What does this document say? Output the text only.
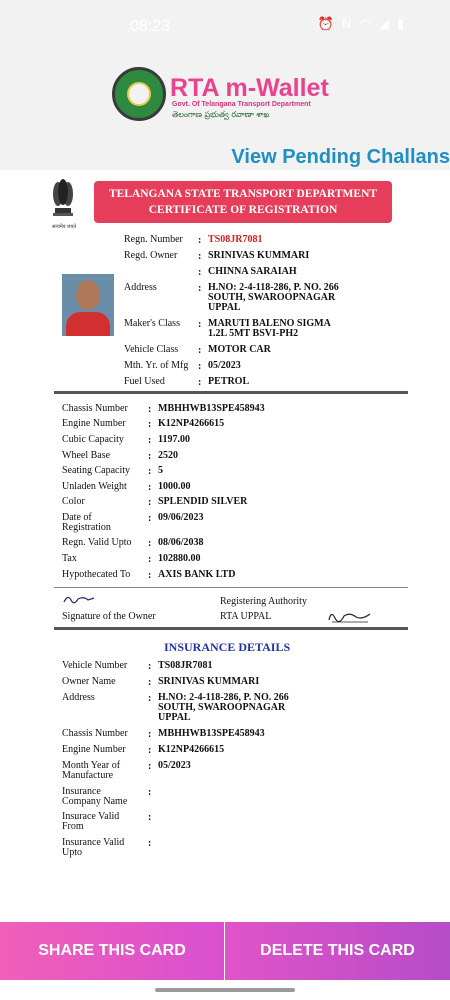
08:23	⏰N◠◢▮
RTA m-Wallet
Govt. Of Telangana Transport Department
తెలంగాణ ప్రభుత్వ రవాణా శాఖ
View Pending Challans
सत्यमेव जयते
TELANGANA STATE TRANSPORT DEPARTMENT
CERTIFICATE OF REGISTRATION
Regn. Number : TS08JR7081
Regd. Owner : SRINIVAS KUMMARI
: CHINNA SARAIAH
Address	: H.NO: 2-4-118-286, P. NO. 266
SOUTH, SWAROOPNAGAR
UPPAL
Maker's Class : MARUTI BALENO SIGMA
1.2L 5MT BSVI-PH2
Vehicle Class : MOTOR CAR
Mth. Yr. of Mfg : 05/2023
Fuel Used	: PETROL
Chassis Number : MBHHWB13SPE458943
Engine Number : K12NP4266615
Cubic Capacity : 1197.00
Wheel Base	: 2520
Seating Capacity : 5
Unladen Weight : 1000.00
Color	: SPLENDID SILVER
Date of
Registration
: 09/06/2023
Regn. Valid Upto : 08/06/2038
Tax	: 102880.00
Hypothecated To : AXIS BANK LTD
Signature of the Owner
Registering Authority
RTA UPPAL
INSURANCE DETAILS
Vehicle Number : TS08JR7081
Owner Name	: SRINIVAS KUMMARI
Address	: H.NO: 2-4-118-286, P. NO. 266
SOUTH, SWAROOPNAGAR
UPPAL
Chassis Number : MBHHWB13SPE458943
Engine Number : K12NP4266615
Month Year of
Manufacture
: 05/2023
Insurance
Company Name
:
Insurace Valid
From
:
Insurance Valid
Upto
:
SHARE THIS CARD	DELETE THIS CARD
